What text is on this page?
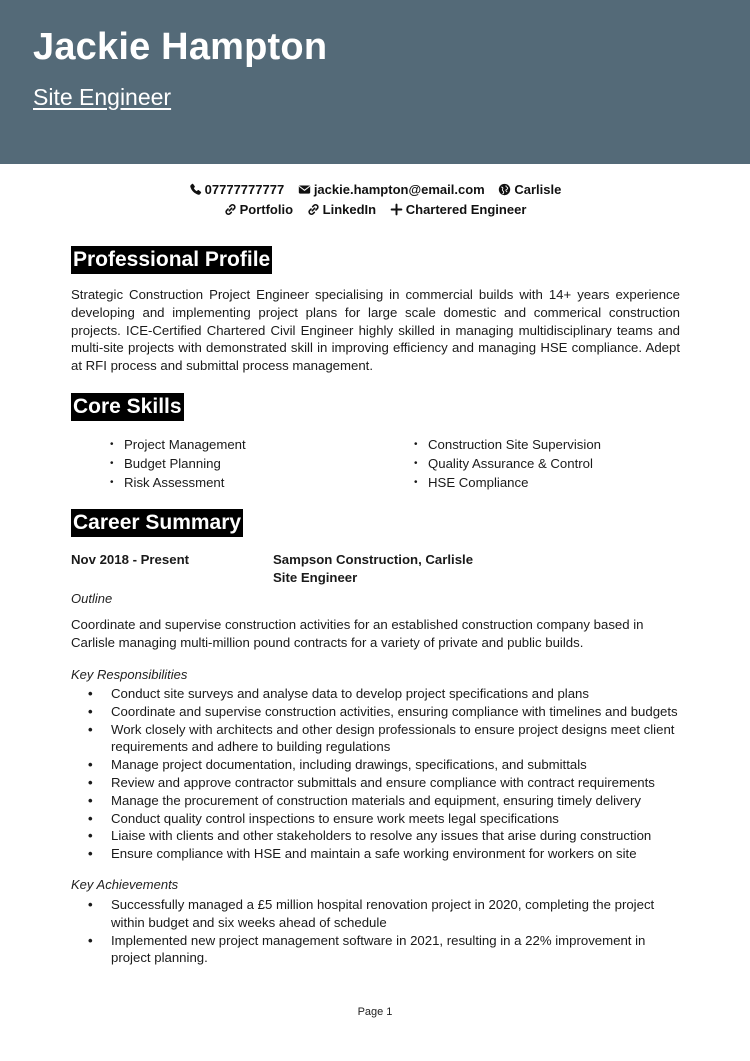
Jackie Hampton
Site Engineer
07777777777
jackie.hampton@email.com
Carlisle
Portfolio
LinkedIn
Chartered Engineer
Professional Profile

Strategic Construction Project Engineer specialising in commercial builds with 14+ years experience developing and implementing project plans for large scale domestic and commerical construction projects. ICE-Certified Chartered Civil Engineer highly skilled in managing multidisciplinary teams and multi-site projects with demonstrated skill in improving efficiency and managing HSE compliance. Adept at RFI process and submittal process management.

Core Skills
• Project Management
• Budget Planning
• Risk Assessment
• Construction Site Supervision
• Quality Assurance & Control
• HSE Compliance
Career Summary
Nov 2018 - Present	Sampson Construction, Carlisle
Site Engineer
Outline

Coordinate and supervise construction activities for an established construction company based in Carlisle managing multi-million pound contracts for a variety of private and public builds.

Key Responsibilities
• Conduct site surveys and analyse data to develop project specifications and plans
• Coordinate and supervise construction activities, ensuring compliance with timelines and budgets
• Work closely with architects and other design professionals to ensure project designs meet client requirements and adhere to building regulations
• Manage project documentation, including drawings, specifications, and submittals
• Review and approve contractor submittals and ensure compliance with contract requirements
• Manage the procurement of construction materials and equipment, ensuring timely delivery
• Conduct quality control inspections to ensure work meets legal specifications
• Liaise with clients and other stakeholders to resolve any issues that arise during construction
• Ensure compliance with HSE and maintain a safe working environment for workers on site
Key Achievements
• Successfully managed a £5 million hospital renovation project in 2020, completing the project within budget and six weeks ahead of schedule
• Implemented new project management software in 2021, resulting in a 22% improvement in project planning.
Page 1
